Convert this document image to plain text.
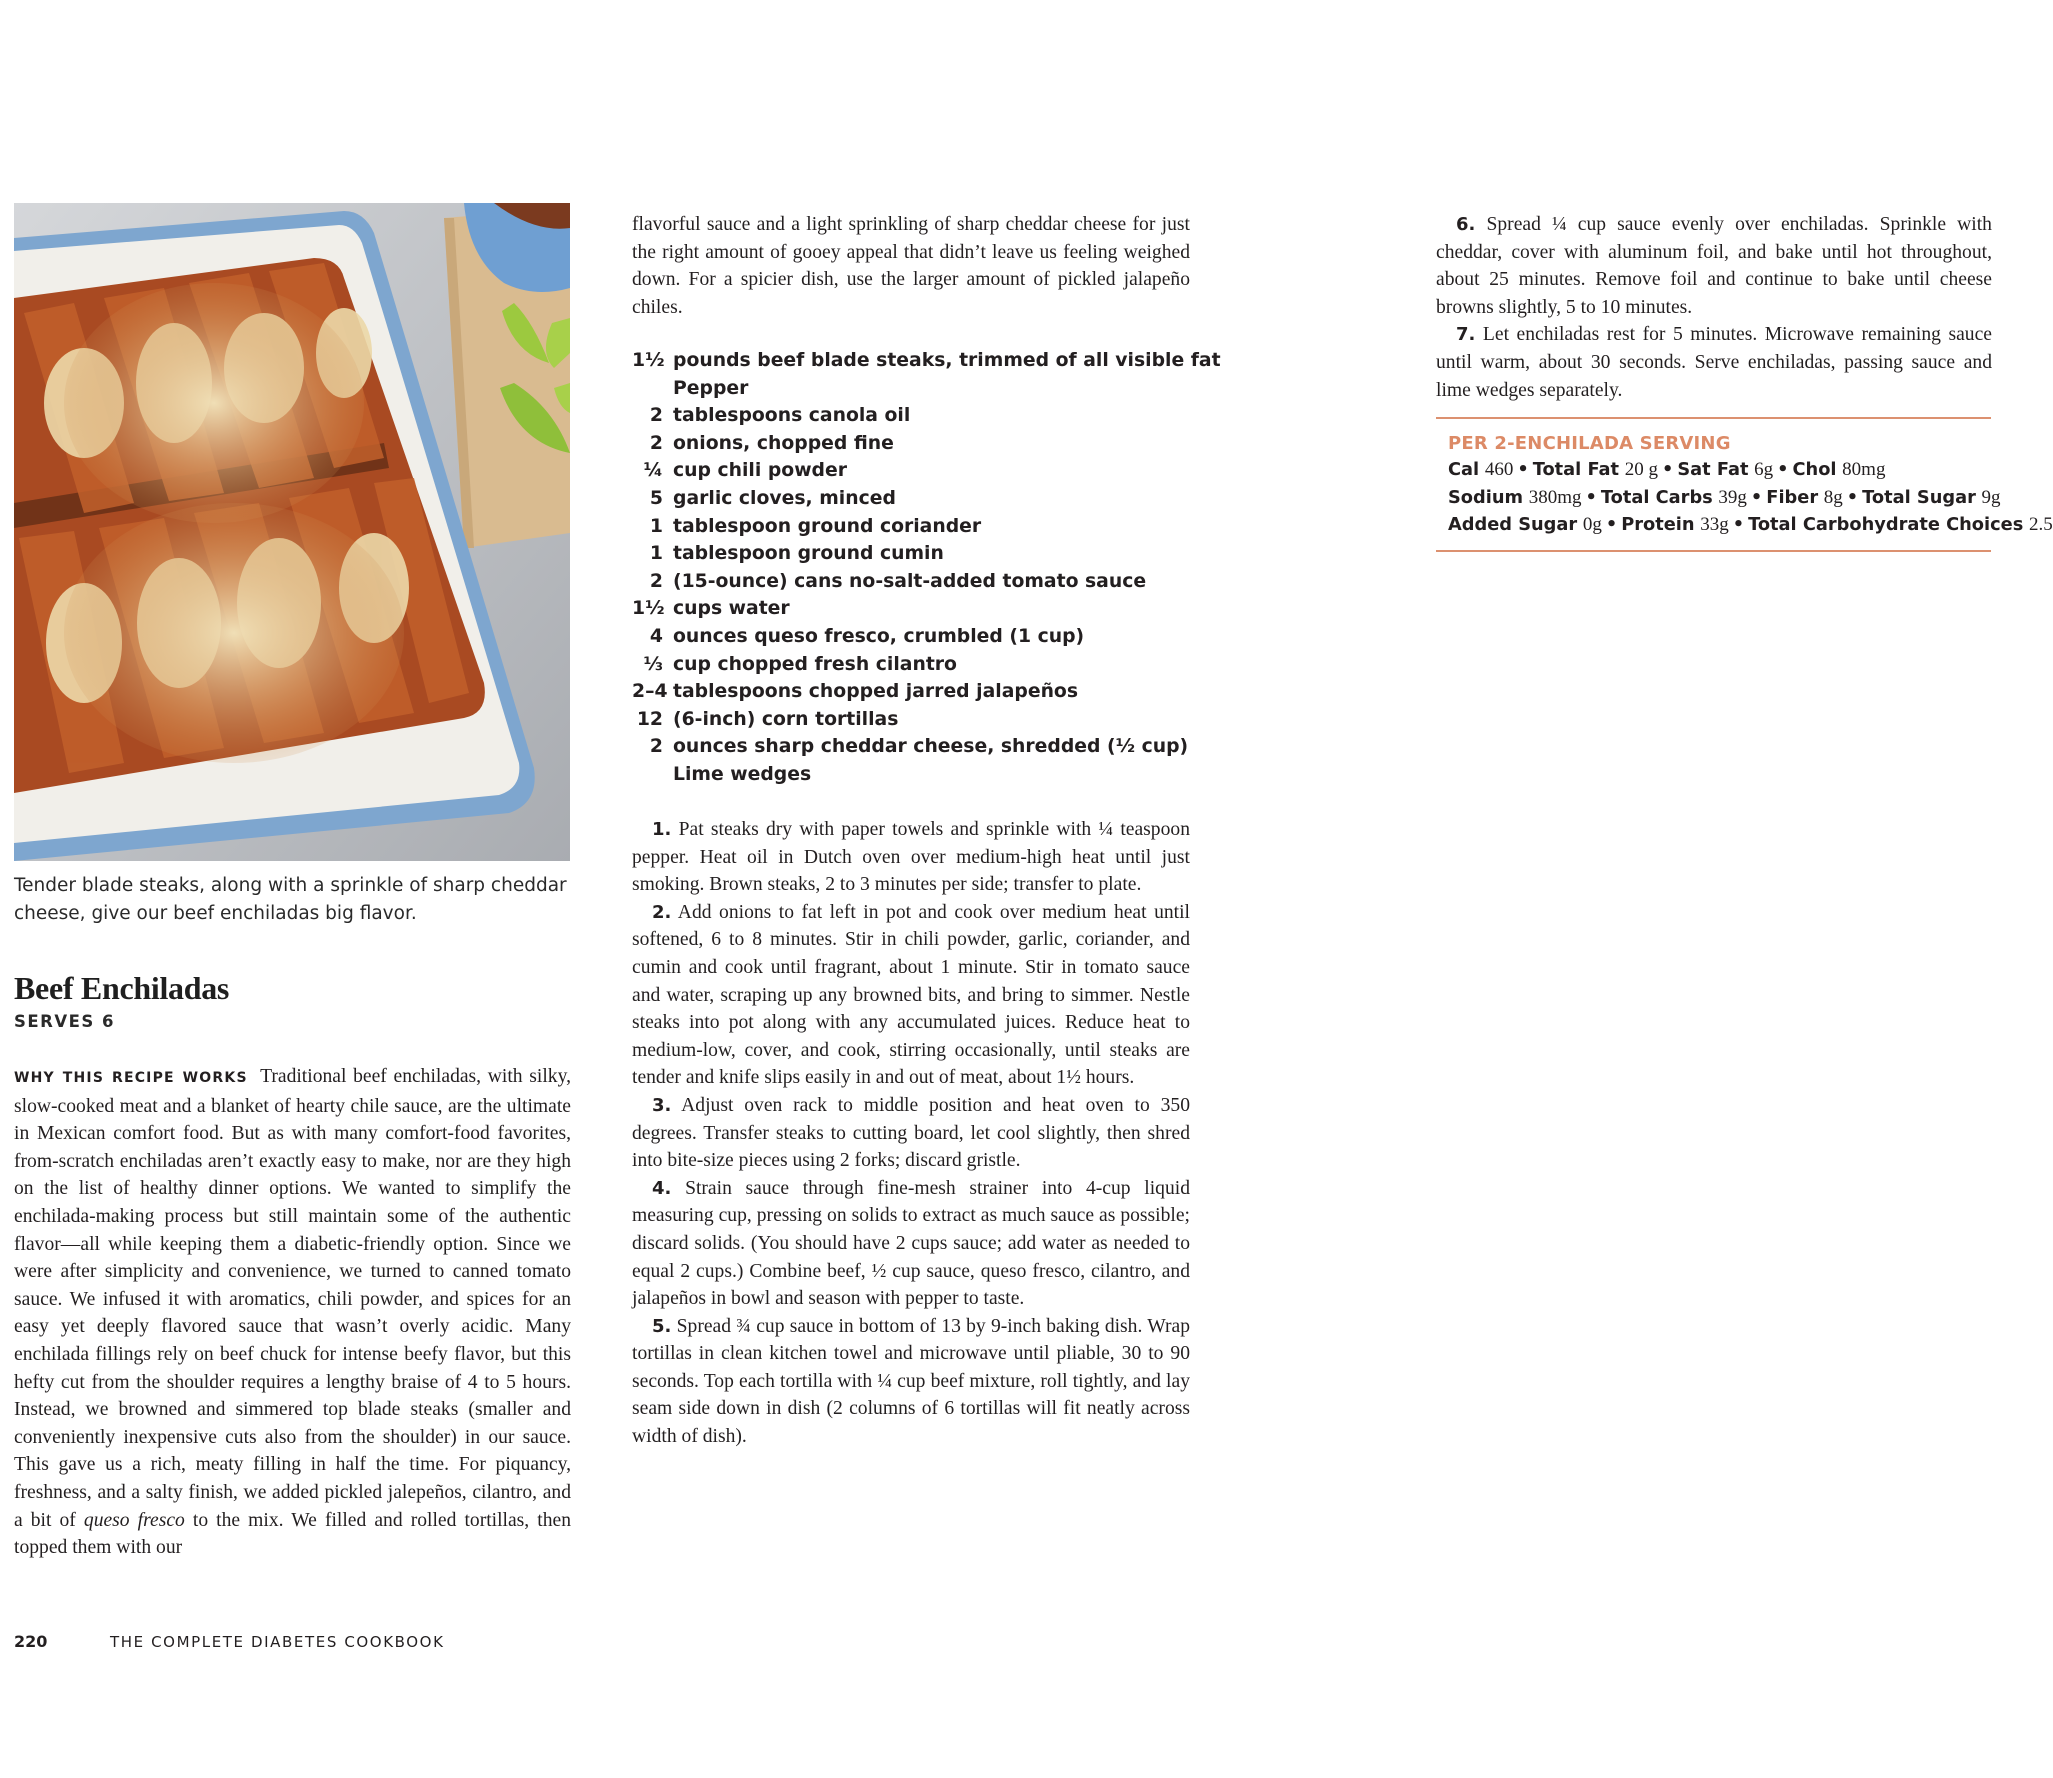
Tender blade steaks, along with a sprinkle of sharp cheddar cheese, give our beef enchiladas big flavor.
Beef Enchiladas
SERVES 6

WHY THIS RECIPE WORKS Traditional beef enchiladas, with silky, slow-cooked meat and a blanket of hearty chile sauce, are the ultimate in Mexican comfort food. But as with many comfort-food favorites, from-scratch enchiladas aren’t exactly easy to make, nor are they high on the list of healthy dinner options. We wanted to simplify the enchilada-making process but still maintain some of the authentic flavor—all while keeping them a diabetic-friendly option. Since we were after simplicity and convenience, we turned to canned tomato sauce. We infused it with aromatics, chili powder, and spices for an easy yet deeply flavored sauce that wasn’t overly acidic. Many enchilada fillings rely on beef chuck for intense beefy flavor, but this hefty cut from the shoulder requires a lengthy braise of 4 to 5 hours. Instead, we browned and simmered top blade steaks (smaller and conveniently inexpensive cuts also from the shoulder) in our sauce. This gave us a rich, meaty filling in half the time. For piquancy, freshness, and a salty finish, we added pickled jalepeños, cilantro, and a bit of queso fresco to the mix. We filled and rolled tortillas, then topped them with our

220	THE COMPLETE DIABETES COOKBOOK

flavorful sauce and a light sprinkling of sharp cheddar cheese for just the right amount of gooey appeal that didn’t leave us feeling weighed down. For a spicier dish, use the larger amount of pickled jalapeño chiles.

1½ pounds beef blade steaks, trimmed of all visible fat
Pepper
2 tablespoons canola oil
2 onions, chopped fine
¼ cup chili powder
5 garlic cloves, minced
1 tablespoon ground coriander
1 tablespoon ground cumin
2 (15-ounce) cans no-salt-added tomato sauce
1½ cups water
4 ounces queso fresco, crumbled (1 cup)
⅓ cup chopped fresh cilantro
2–4 tablespoons chopped jarred jalapeños
12 (6-inch) corn tortillas
2 ounces sharp cheddar cheese, shredded (½ cup)
Lime wedges

1. Pat steaks dry with paper towels and sprinkle with ¼ teaspoon pepper. Heat oil in Dutch oven over medium-high heat until just smoking. Brown steaks, 2 to 3 minutes per side; transfer to plate.

2. Add onions to fat left in pot and cook over medium heat until softened, 6 to 8 minutes. Stir in chili powder, garlic, coriander, and cumin and cook until fragrant, about 1 minute. Stir in tomato sauce and water, scraping up any browned bits, and bring to simmer. Nestle steaks into pot along with any accumulated juices. Reduce heat to medium-low, cover, and cook, stirring occasionally, until steaks are tender and knife slips easily in and out of meat, about 1½ hours.

3. Adjust oven rack to middle position and heat oven to 350 degrees. Transfer steaks to cutting board, let cool slightly, then shred into bite-size pieces using 2 forks; discard gristle.

4. Strain sauce through fine-mesh strainer into 4-cup liquid measuring cup, pressing on solids to extract as much sauce as possible; discard solids. (You should have 2 cups sauce; add water as needed to equal 2 cups.) Combine beef, ½ cup sauce, queso fresco, cilantro, and jalapeños in bowl and season with pepper to taste.

5. Spread ¾ cup sauce in bottom of 13 by 9-inch baking dish. Wrap tortillas in clean kitchen towel and microwave until pliable, 30 to 90 seconds. Top each tortilla with ¼ cup beef mixture, roll tightly, and lay seam side down in dish (2 columns of 6 tortillas will fit neatly across width of dish).

6. Spread ¼ cup sauce evenly over enchiladas. Sprinkle with cheddar, cover with aluminum foil, and bake until hot throughout, about 25 minutes. Remove foil and continue to bake until cheese browns slightly, 5 to 10 minutes.

7. Let enchiladas rest for 5 minutes. Microwave remaining sauce until warm, about 30 seconds. Serve enchiladas, passing sauce and lime wedges separately.

PER 2-ENCHILADA SERVING
Cal 460 • Total Fat 20 g • Sat Fat 6g • Chol 80mg
Sodium 380mg • Total Carbs 39g • Fiber 8g • Total Sugar 9g
Added Sugar 0g • Protein 33g • Total Carbohydrate Choices 2.5
